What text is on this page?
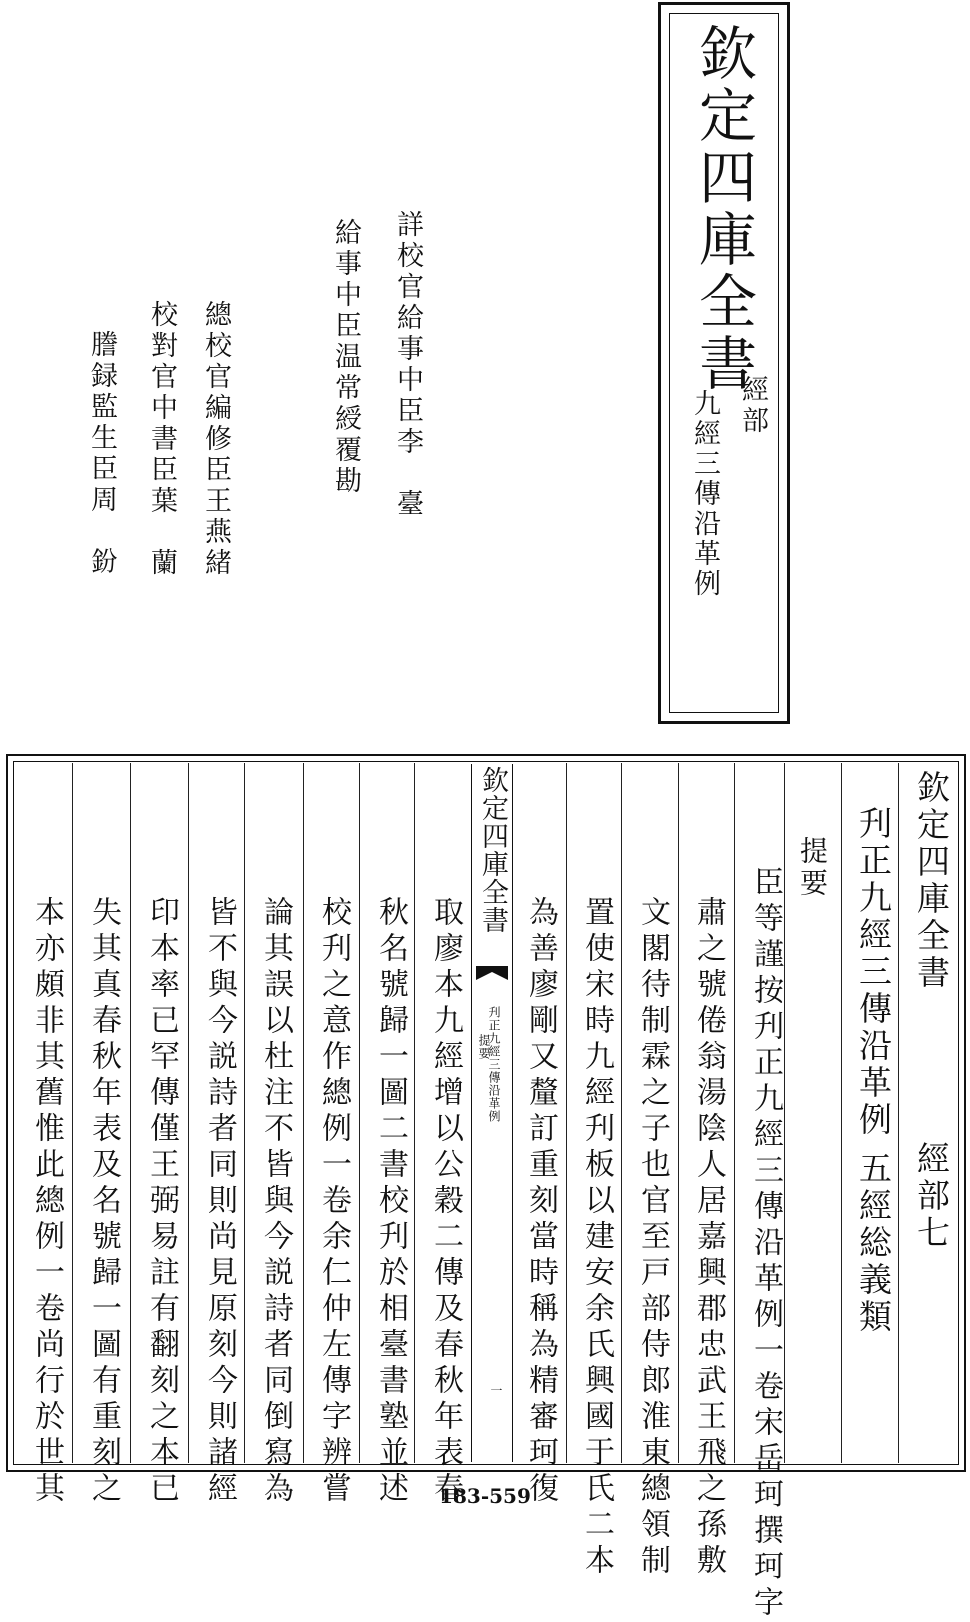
欽定四庫全書
經部
九經三傳沿革例
詳校官給事中臣李　臺
給事中臣温常綬覆勘
總校官編修臣王燕緒
校對官中書臣葉　蘭
謄録監生臣周　鈖
欽定四庫全書
經部七
刋正九經三傳沿革例
五經総義類
提要
臣等謹按刋正九經三傳沿革例一卷宋岳珂撰珂字
肅之號倦翁湯陰人居嘉興郡忠武王飛之孫敷
文閣待制霖之子也官至戸部侍郎淮東總領制
置使宋時九經刋板以建安余氏興國于氏二本
為善廖剛又釐訂重刻當時稱為精審珂復
取廖本九經增以公穀二傳及春秋年表春
秋名號歸一圖二書校刋於相臺書塾並述
校刋之意作總例一卷余仁仲左傳字辨嘗
論其誤以杜注不皆與今説詩者同倒寫為
皆不與今説詩者同則尚見原刻今則諸經
印本率已罕傳僅王弼易註有翻刻之本已
失其真春秋年表及名號歸一圖有重刻之
本亦頗非其舊惟此總例一卷尚行於世其
欽定四庫全書
刋正九經三傳沿革例
提要
一
183-559
